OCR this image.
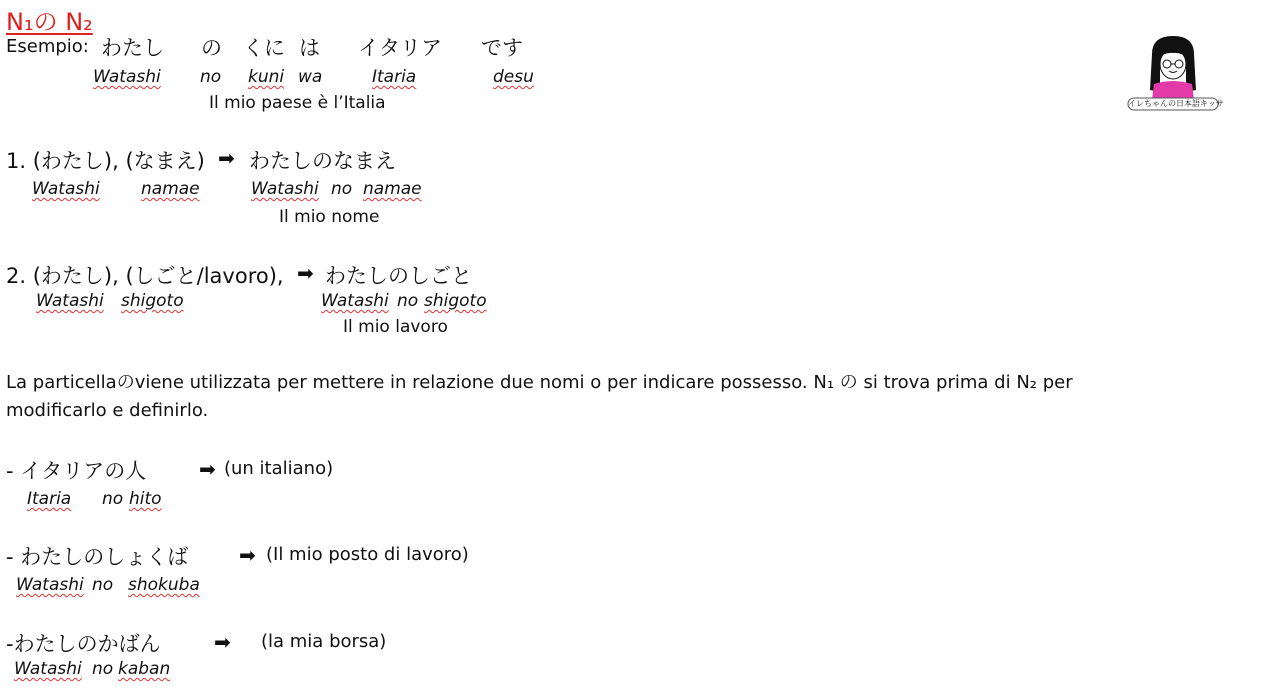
N₁の N₂
Esempio: わたし の くに は イタリア です
Watashi no kuni wa	Itaria	desu
Il mio paese è l’Italia
1. (わたし), (なまえ) ➡ わたしのなまえ
Watashi namae	Watashi no namae
Il mio nome
2. (わたし), (しごと/lavoro), ➡ わたしのしごと
Watashi shigoto	Watashi no shigoto
Il mio lavoro
La particellaのviene utilizzata per mettere in relazione due nomi o per indicare possesso. N₁ の si trova prima di N₂ per
modificarlo e definirlo.
- イタリアの人	➡ (un italiano)
Itaria no hito
- わたしのしょくば	➡ (Il mio posto di lavoro)
Watashi no shokuba
-わたしのかばん	➡ (la mia borsa)
Watashi no kaban
イレちゃんの日本語キッサ
